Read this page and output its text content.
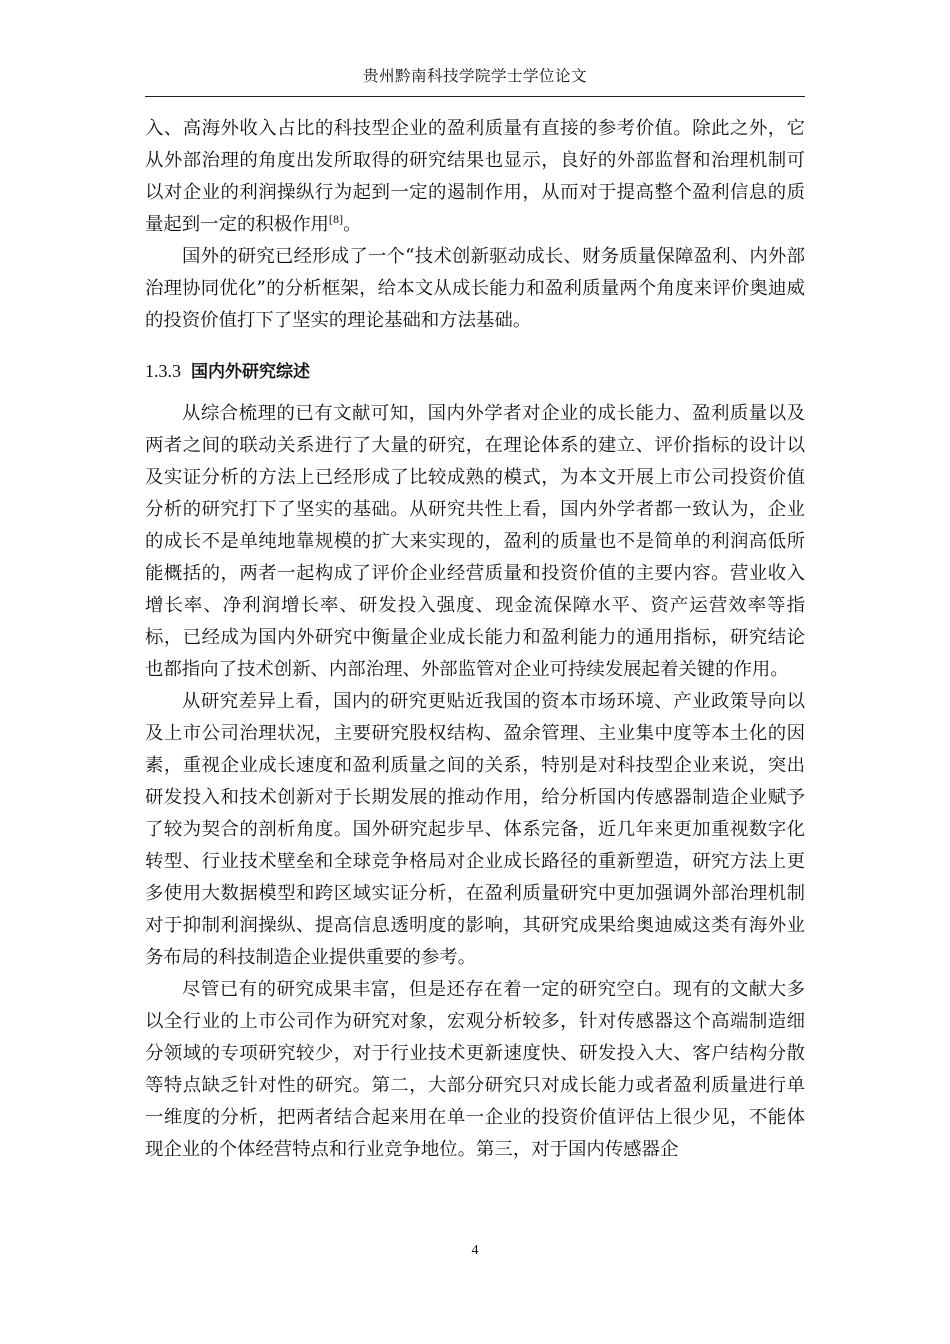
贵州黔南科技学院学士学位论文

入、高海外收入占比的科技型企业的盈利质量有直接的参考价值。除此之外，它从外部治理的角度出发所取得的研究结果也显示，良好的外部监督和治理机制可以对企业的利润操纵行为起到一定的遏制作用，从而对于提高整个盈利信息的质量起到一定的积极作用[8]。

国外的研究已经形成了一个“技术创新驱动成长、财务质量保障盈利、内外部治理协同优化”的分析框架，给本文从成长能力和盈利质量两个角度来评价奥迪威的投资价值打下了坚实的理论基础和方法基础。

1.3.3 国内外研究综述

从综合梳理的已有文献可知，国内外学者对企业的成长能力、盈利质量以及两者之间的联动关系进行了大量的研究，在理论体系的建立、评价指标的设计以及实证分析的方法上已经形成了比较成熟的模式，为本文开展上市公司投资价值分析的研究打下了坚实的基础。从研究共性上看，国内外学者都一致认为，企业的成长不是单纯地靠规模的扩大来实现的，盈利的质量也不是简单的利润高低所能概括的，两者一起构成了评价企业经营质量和投资价值的主要内容。营业收入增长率、净利润增长率、研发投入强度、现金流保障水平、资产运营效率等指标，已经成为国内外研究中衡量企业成长能力和盈利能力的通用指标，研究结论也都指向了技术创新、内部治理、外部监管对企业可持续发展起着关键的作用。

从研究差异上看，国内的研究更贴近我国的资本市场环境、产业政策导向以及上市公司治理状况，主要研究股权结构、盈余管理、主业集中度等本土化的因素，重视企业成长速度和盈利质量之间的关系，特别是对科技型企业来说，突出研发投入和技术创新对于长期发展的推动作用，给分析国内传感器制造企业赋予了较为契合的剖析角度。国外研究起步早、体系完备，近几年来更加重视数字化转型、行业技术壁垒和全球竞争格局对企业成长路径的重新塑造，研究方法上更多使用大数据模型和跨区域实证分析，在盈利质量研究中更加强调外部治理机制对于抑制利润操纵、提高信息透明度的影响，其研究成果给奥迪威这类有海外业务布局的科技制造企业提供重要的参考。

尽管已有的研究成果丰富，但是还存在着一定的研究空白。现有的文献大多以全行业的上市公司作为研究对象，宏观分析较多，针对传感器这个高端制造细分领域的专项研究较少，对于行业技术更新速度快、研发投入大、客户结构分散等特点缺乏针对性的研究。第二，大部分研究只对成长能力或者盈利质量进行单一维度的分析，把两者结合起来用在单一企业的投资价值评估上很少见，不能体现企业的个体经营特点和行业竞争地位。第三，对于国内传感器企

4
